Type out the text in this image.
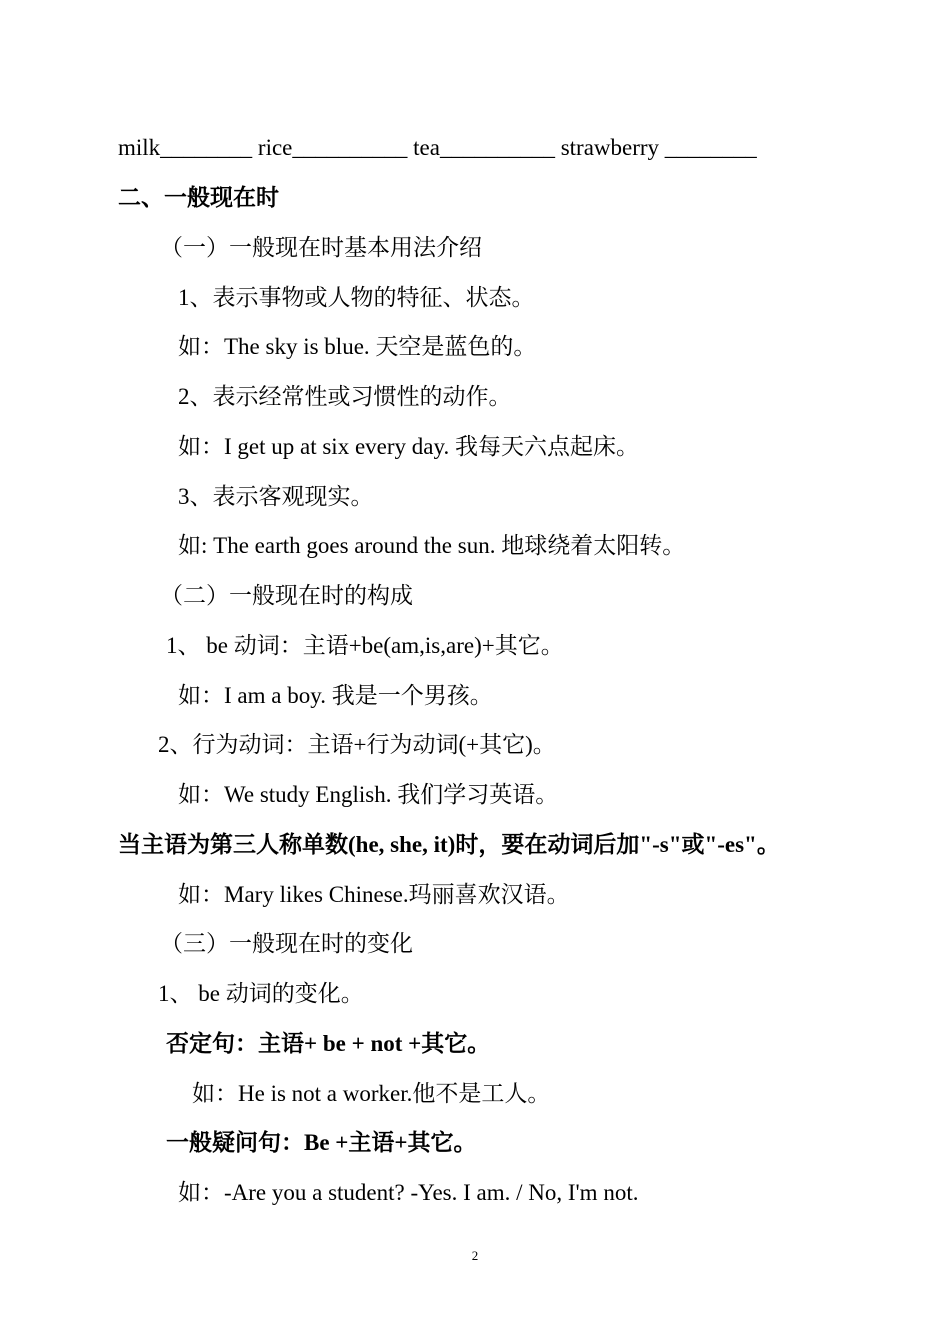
milk________ rice__________ tea__________ strawberry ________
二、一般现在时
（一）一般现在时基本用法介绍
1、表示事物或人物的特征、状态。
如：The sky is blue. 天空是蓝色的。
2、表示经常性或习惯性的动作。
如：I get up at six every day. 我每天六点起床。
3、表示客观现实。
如: The earth goes around the sun. 地球绕着太阳转。
（二）一般现在时的构成
1、 be 动词：主语+be(am,is,are)+其它。
如：I am a boy. 我是一个男孩。
2、行为动词：主语+行为动词(+其它)。
如：We study English. 我们学习英语。
当主语为第三人称单数(he, she, it)时，要在动词后加"-s"或"-es"。
如：Mary likes Chinese.玛丽喜欢汉语。
（三）一般现在时的变化
1、 be 动词的变化。
否定句：主语+ be + not +其它。
如：He is not a worker.他不是工人。
一般疑问句：Be +主语+其它。
如：-Are you a student? -Yes. I am. / No, I'm not.
2
